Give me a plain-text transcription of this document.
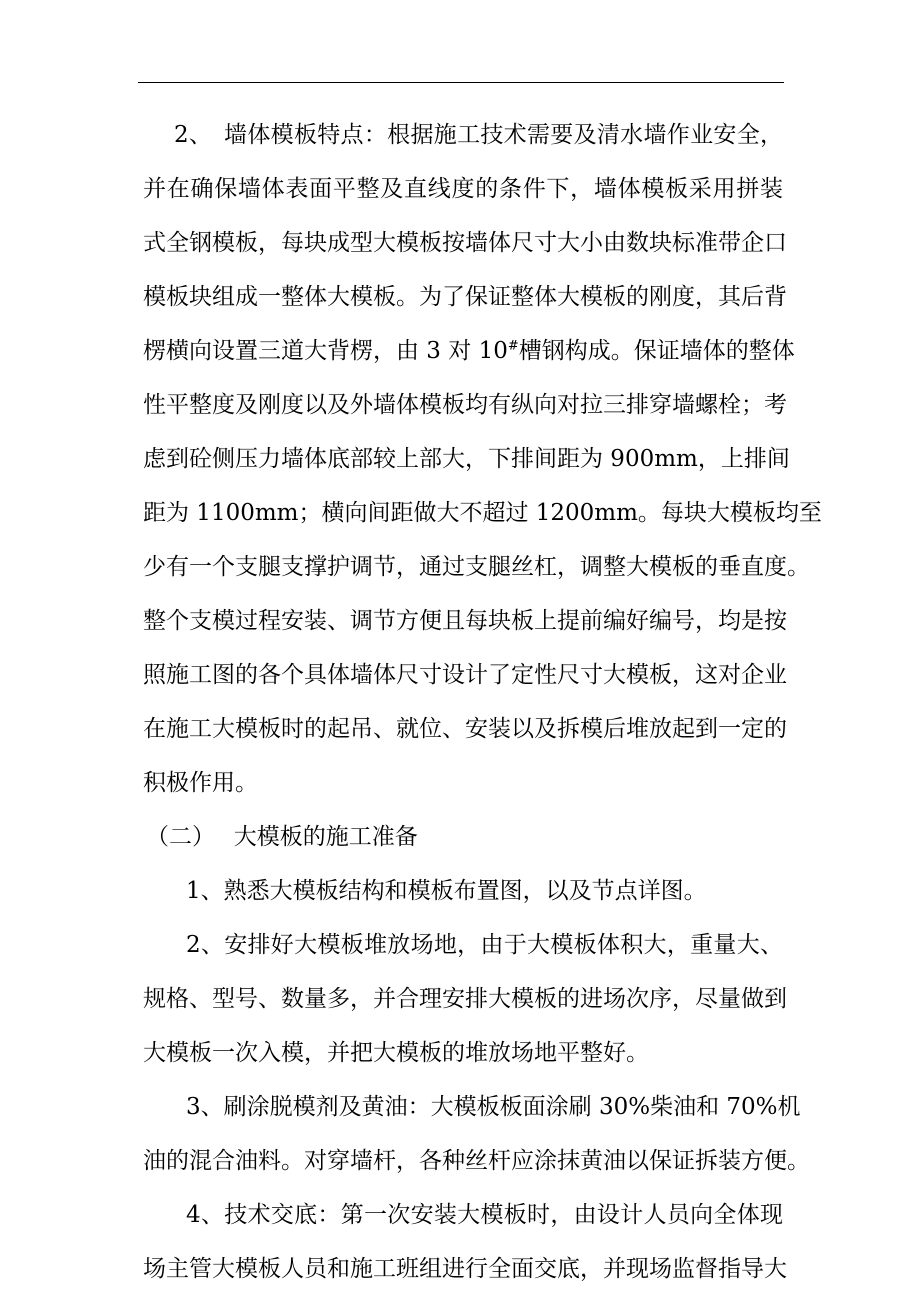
2、　墙体模板特点：根据施工技术需要及清水墙作业安全，
并在确保墙体表面平整及直线度的条件下，墙体模板采用拼装
式全钢模板，每块成型大模板按墙体尺寸大小由数块标准带企口
模板块组成一整体大模板。为了保证整体大模板的刚度，其后背
楞横向设置三道大背楞，由 3 对 10#槽钢构成。保证墙体的整体
性平整度及刚度以及外墙体模板均有纵向对拉三排穿墙螺栓；考
虑到砼侧压力墙体底部较上部大，下排间距为 900mm，上排间
距为 1100mm；横向间距做大不超过 1200mm。每块大模板均至
少有一个支腿支撑护调节，通过支腿丝杠，调整大模板的垂直度。
整个支模过程安装、调节方便且每块板上提前编好编号，均是按
照施工图的各个具体墙体尺寸设计了定性尺寸大模板，这对企业
在施工大模板时的起吊、就位、安装以及拆模后堆放起到一定的
积极作用。
（二）　 大模板的施工准备
1、熟悉大模板结构和模板布置图，以及节点详图。
2、安排好大模板堆放场地，由于大模板体积大，重量大、
规格、型号、数量多，并合理安排大模板的进场次序，尽量做到
大模板一次入模，并把大模板的堆放场地平整好。
3、刷涂脱模剂及黄油：大模板板面涂刷 30%柴油和 70%机
油的混合油料。对穿墙杆，各种丝杆应涂抹黄油以保证拆装方便。
4、技术交底：第一次安装大模板时，由设计人员向全体现
场主管大模板人员和施工班组进行全面交底，并现场监督指导大
